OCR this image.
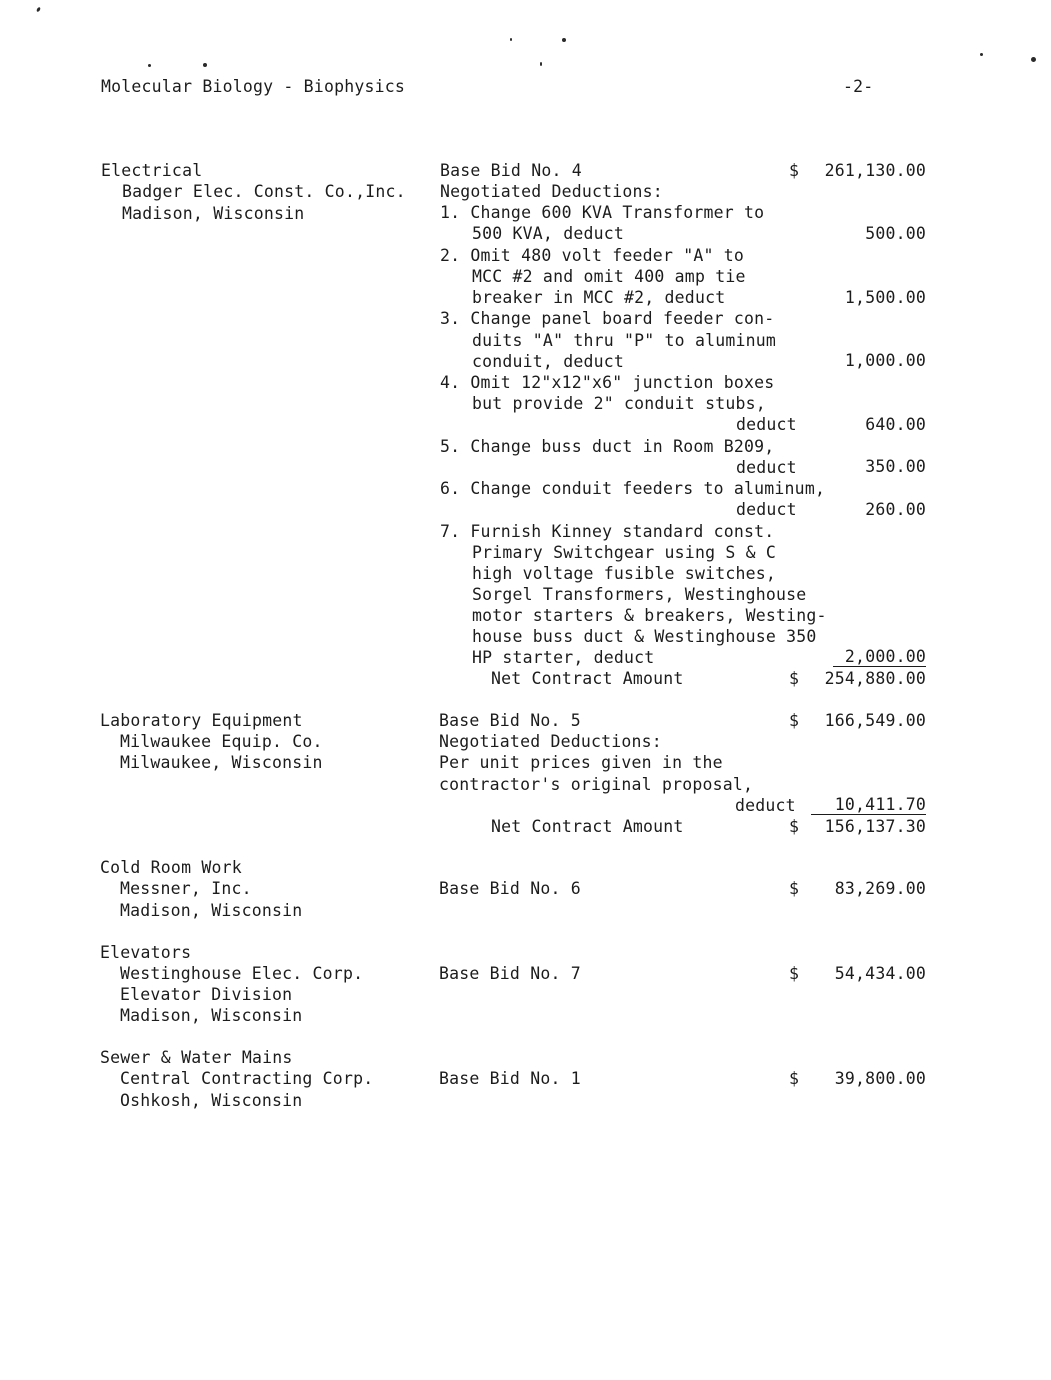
Molecular Biology - Biophysics	-2-
Electrical
Badger Elec. Const. Co.,Inc.
Madison, Wisconsin
Base Bid No. 4	$ 261,130.00
Negotiated Deductions:
1. Change 600 KVA Transformer to
500 KVA, deduct	500.00
2. Omit 480 volt feeder "A" to
MCC #2 and omit 400 amp tie
breaker in MCC #2, deduct	1,500.00
3. Change panel board feeder con-
duits "A" thru "P" to aluminum
conduit, deduct	1,000.00
4. Omit 12"x12"x6" junction boxes
but provide 2" conduit stubs,
deduct	640.00
5. Change buss duct in Room B209,
deduct	350.00
6. Change conduit feeders to aluminum,
deduct	260.00
7. Furnish Kinney standard const.
Primary Switchgear using S & C
high voltage fusible switches,
Sorgel Transformers, Westinghouse
motor starters & breakers, Westing-
house buss duct & Westinghouse 350
HP starter, deduct	2,000.00
Net Contract Amount	$ 254,880.00
Laboratory Equipment
Milwaukee Equip. Co.
Milwaukee, Wisconsin
Base Bid No. 5	$ 166,549.00
Negotiated Deductions:
Per unit prices given in the
contractor's original proposal,
deduct	10,411.70
Net Contract Amount	$ 156,137.30
Cold Room Work
Messner, Inc.
Madison, Wisconsin
Base Bid No. 6	$ 83,269.00
Elevators
Westinghouse Elec. Corp.
Elevator Division
Madison, Wisconsin
Base Bid No. 7	$ 54,434.00
Sewer & Water Mains
Central Contracting Corp.
Oshkosh, Wisconsin
Base Bid No. 1	$ 39,800.00
